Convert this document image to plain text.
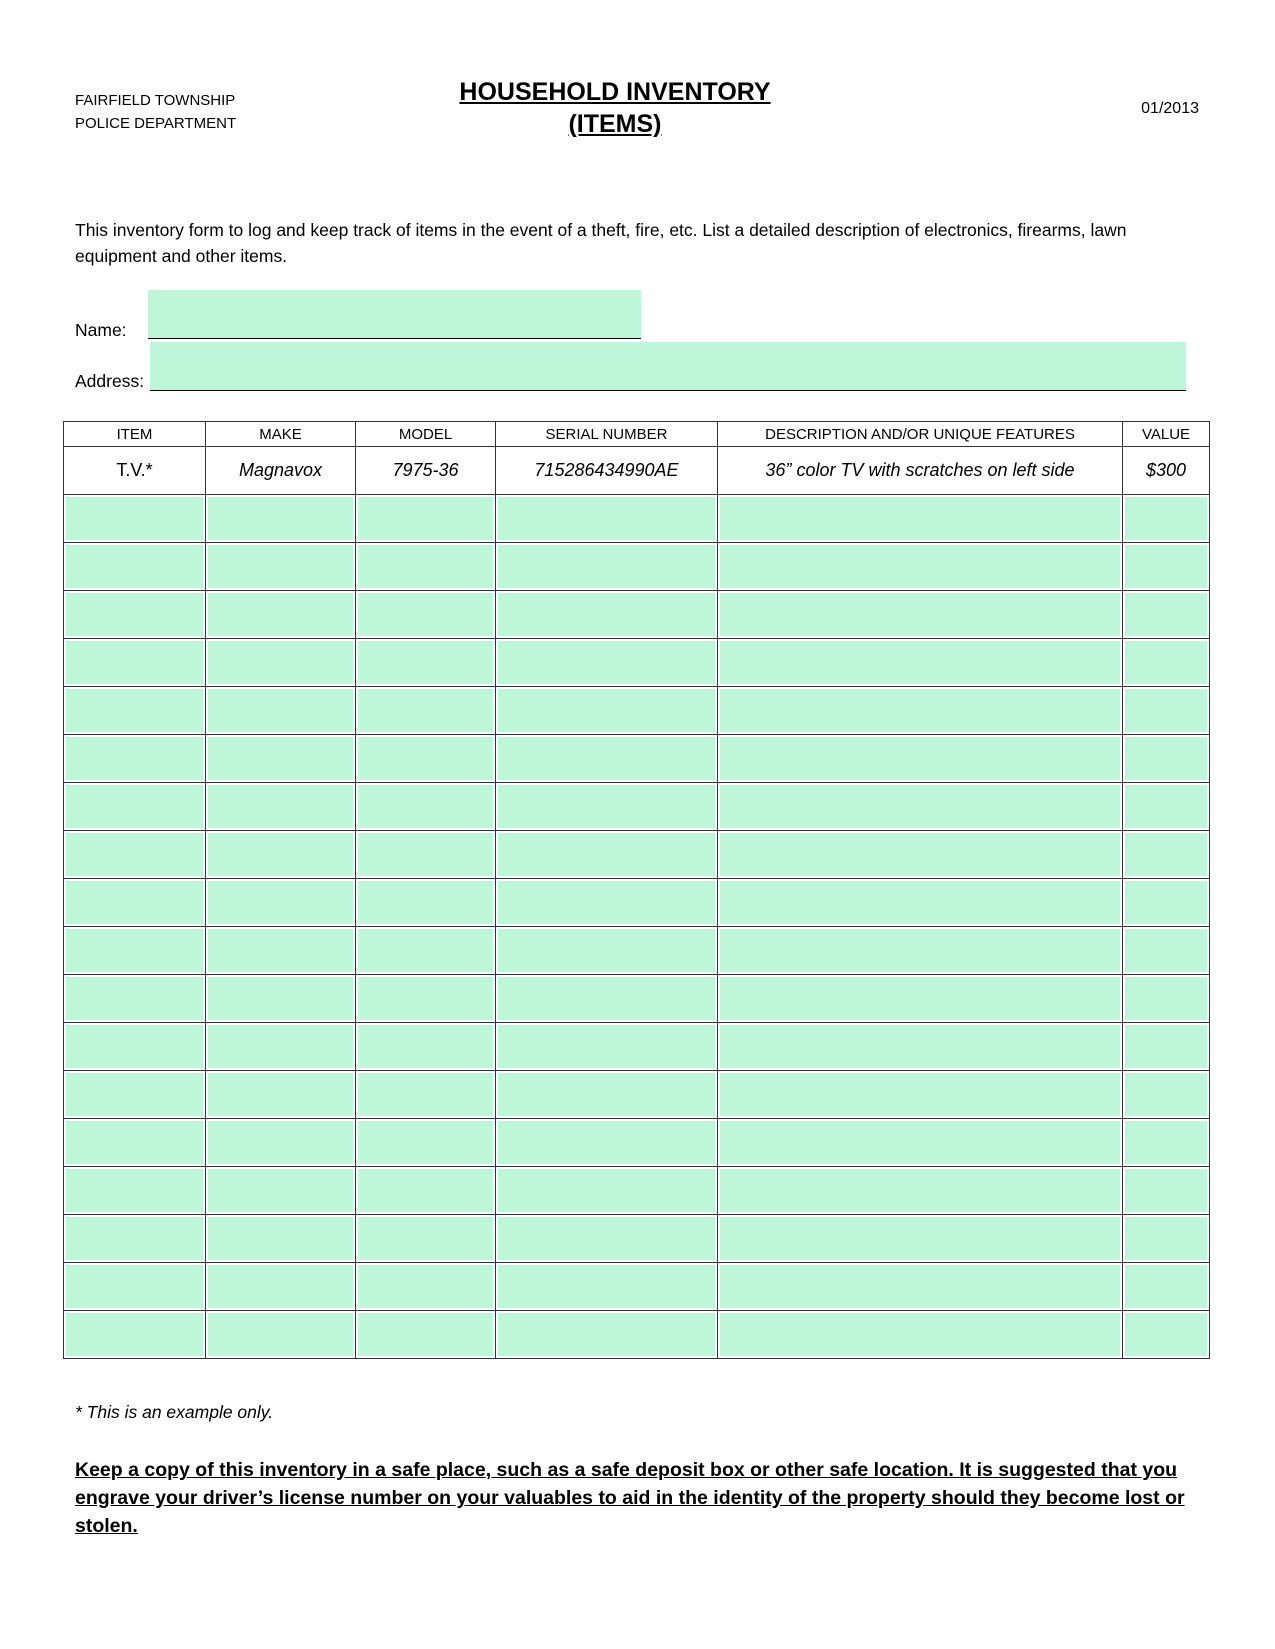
FAIRFIELD TOWNSHIP
POLICE DEPARTMENT
HOUSEHOLD INVENTORY
(ITEMS)
01/2013
This inventory form to log and keep track of items in the event of a theft, fire, etc. List a detailed description of electronics, firearms, lawn equipment and other items.
Name:
Address:
ITEM	MAKE	MODEL	SERIAL NUMBER	DESCRIPTION AND/OR UNIQUE FEATURES	VALUE
T.V.*	Magnavox	7975-36	715286434990AE	36” color TV with scratches on left side	$300

* This is an example only.
Keep a copy of this inventory in a safe place, such as a safe deposit box or other safe location. It is suggested that you engrave your driver’s license number on your valuables to aid in the identity of the property should they become lost or stolen.
